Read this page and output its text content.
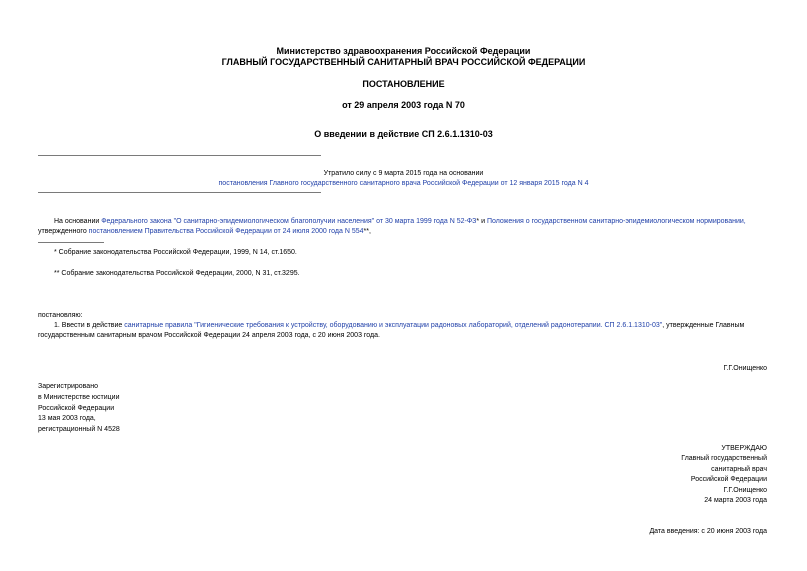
Министерство здравоохранения Российской Федерации
ГЛАВНЫЙ ГОСУДАРСТВЕННЫЙ САНИТАРНЫЙ ВРАЧ РОССИЙСКОЙ ФЕДЕРАЦИИ
ПОСТАНОВЛЕНИЕ
от 29 апреля 2003 года N 70
О введении в действие СП 2.6.1.1310-03
Утратило силу с 9 марта 2015 года на основании
постановления Главного государственного санитарного врача Российской Федерации от 12 января 2015 года N 4
На основании Федерального закона "О санитарно-эпидемиологическом благополучии населения" от 30 марта 1999 года N 52-ФЗ* и Положения о государственном санитарно-эпидемиологическом нормировании,
утвержденного постановлением Правительства Российской Федерации от 24 июля 2000 года N 554**,
* Собрание законодательства Российской Федерации, 1999, N 14, ст.1650.
** Собрание законодательства Российской Федерации, 2000, N 31, ст.3295.
постановляю:
1. Ввести в действие санитарные правила "Гигиенические требования к устройству, оборудованию и эксплуатации радоновых лабораторий, отделений радонотерапии. СП 2.6.1.1310-03", утвержденные Главным
государственным санитарным врачом Российской Федерации 24 апреля 2003 года, с 20 июня 2003 года.
Г.Г.Онищенко
Зарегистрировано
в Министерстве юстиции
Российской Федерации
13 мая 2003 года,
регистрационный N 4528
УТВЕРЖДАЮ
Главный государственный
санитарный врач
Российской Федерации
Г.Г.Онищенко
24 марта 2003 года
Дата введения: с 20 июня 2003 года
